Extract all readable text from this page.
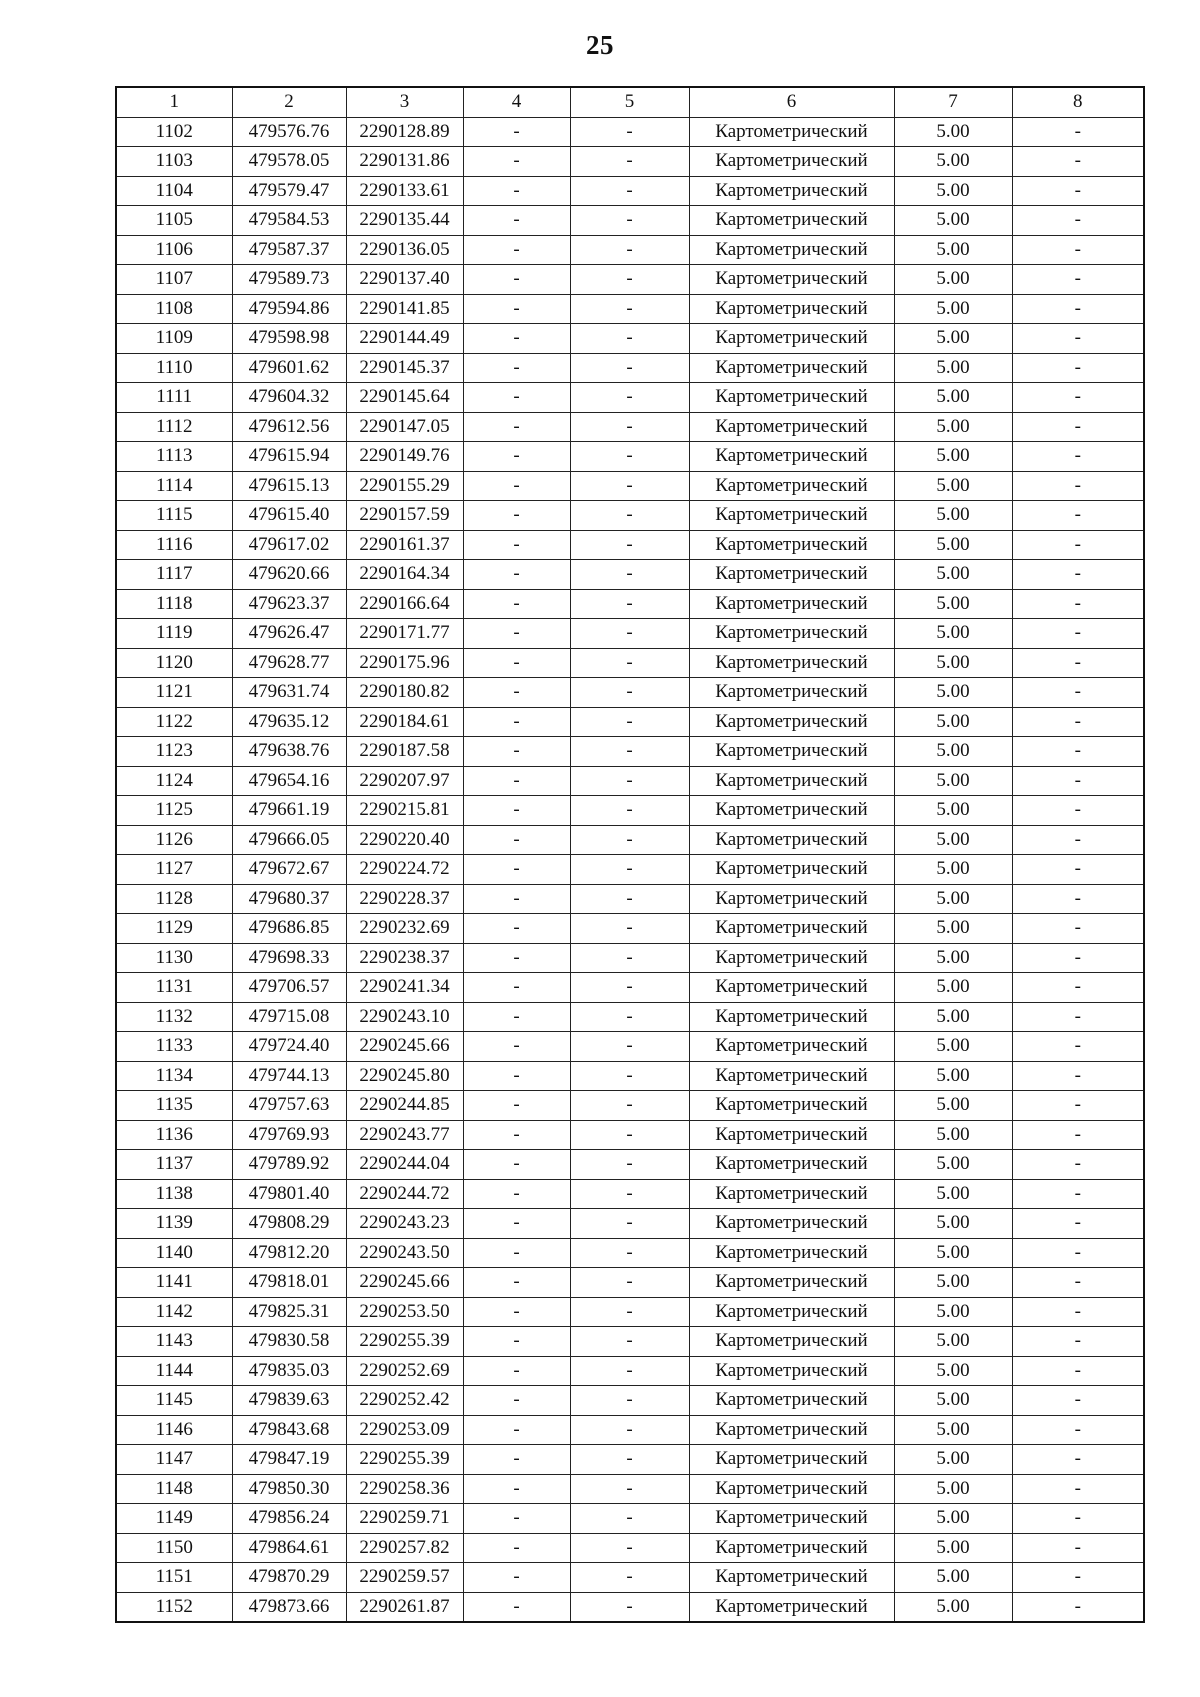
25
1	2	3	4	5	6	7	8
1102	479576.76	2290128.89	-	-	Картометрический	5.00	-
1103	479578.05	2290131.86	-	-	Картометрический	5.00	-
1104	479579.47	2290133.61	-	-	Картометрический	5.00	-
1105	479584.53	2290135.44	-	-	Картометрический	5.00	-
1106	479587.37	2290136.05	-	-	Картометрический	5.00	-
1107	479589.73	2290137.40	-	-	Картометрический	5.00	-
1108	479594.86	2290141.85	-	-	Картометрический	5.00	-
1109	479598.98	2290144.49	-	-	Картометрический	5.00	-
1110	479601.62	2290145.37	-	-	Картометрический	5.00	-
1111	479604.32	2290145.64	-	-	Картометрический	5.00	-
1112	479612.56	2290147.05	-	-	Картометрический	5.00	-
1113	479615.94	2290149.76	-	-	Картометрический	5.00	-
1114	479615.13	2290155.29	-	-	Картометрический	5.00	-
1115	479615.40	2290157.59	-	-	Картометрический	5.00	-
1116	479617.02	2290161.37	-	-	Картометрический	5.00	-
1117	479620.66	2290164.34	-	-	Картометрический	5.00	-
1118	479623.37	2290166.64	-	-	Картометрический	5.00	-
1119	479626.47	2290171.77	-	-	Картометрический	5.00	-
1120	479628.77	2290175.96	-	-	Картометрический	5.00	-
1121	479631.74	2290180.82	-	-	Картометрический	5.00	-
1122	479635.12	2290184.61	-	-	Картометрический	5.00	-
1123	479638.76	2290187.58	-	-	Картометрический	5.00	-
1124	479654.16	2290207.97	-	-	Картометрический	5.00	-
1125	479661.19	2290215.81	-	-	Картометрический	5.00	-
1126	479666.05	2290220.40	-	-	Картометрический	5.00	-
1127	479672.67	2290224.72	-	-	Картометрический	5.00	-
1128	479680.37	2290228.37	-	-	Картометрический	5.00	-
1129	479686.85	2290232.69	-	-	Картометрический	5.00	-
1130	479698.33	2290238.37	-	-	Картометрический	5.00	-
1131	479706.57	2290241.34	-	-	Картометрический	5.00	-
1132	479715.08	2290243.10	-	-	Картометрический	5.00	-
1133	479724.40	2290245.66	-	-	Картометрический	5.00	-
1134	479744.13	2290245.80	-	-	Картометрический	5.00	-
1135	479757.63	2290244.85	-	-	Картометрический	5.00	-
1136	479769.93	2290243.77	-	-	Картометрический	5.00	-
1137	479789.92	2290244.04	-	-	Картометрический	5.00	-
1138	479801.40	2290244.72	-	-	Картометрический	5.00	-
1139	479808.29	2290243.23	-	-	Картометрический	5.00	-
1140	479812.20	2290243.50	-	-	Картометрический	5.00	-
1141	479818.01	2290245.66	-	-	Картометрический	5.00	-
1142	479825.31	2290253.50	-	-	Картометрический	5.00	-
1143	479830.58	2290255.39	-	-	Картометрический	5.00	-
1144	479835.03	2290252.69	-	-	Картометрический	5.00	-
1145	479839.63	2290252.42	-	-	Картометрический	5.00	-
1146	479843.68	2290253.09	-	-	Картометрический	5.00	-
1147	479847.19	2290255.39	-	-	Картометрический	5.00	-
1148	479850.30	2290258.36	-	-	Картометрический	5.00	-
1149	479856.24	2290259.71	-	-	Картометрический	5.00	-
1150	479864.61	2290257.82	-	-	Картометрический	5.00	-
1151	479870.29	2290259.57	-	-	Картометрический	5.00	-
1152	479873.66	2290261.87	-	-	Картометрический	5.00	-
